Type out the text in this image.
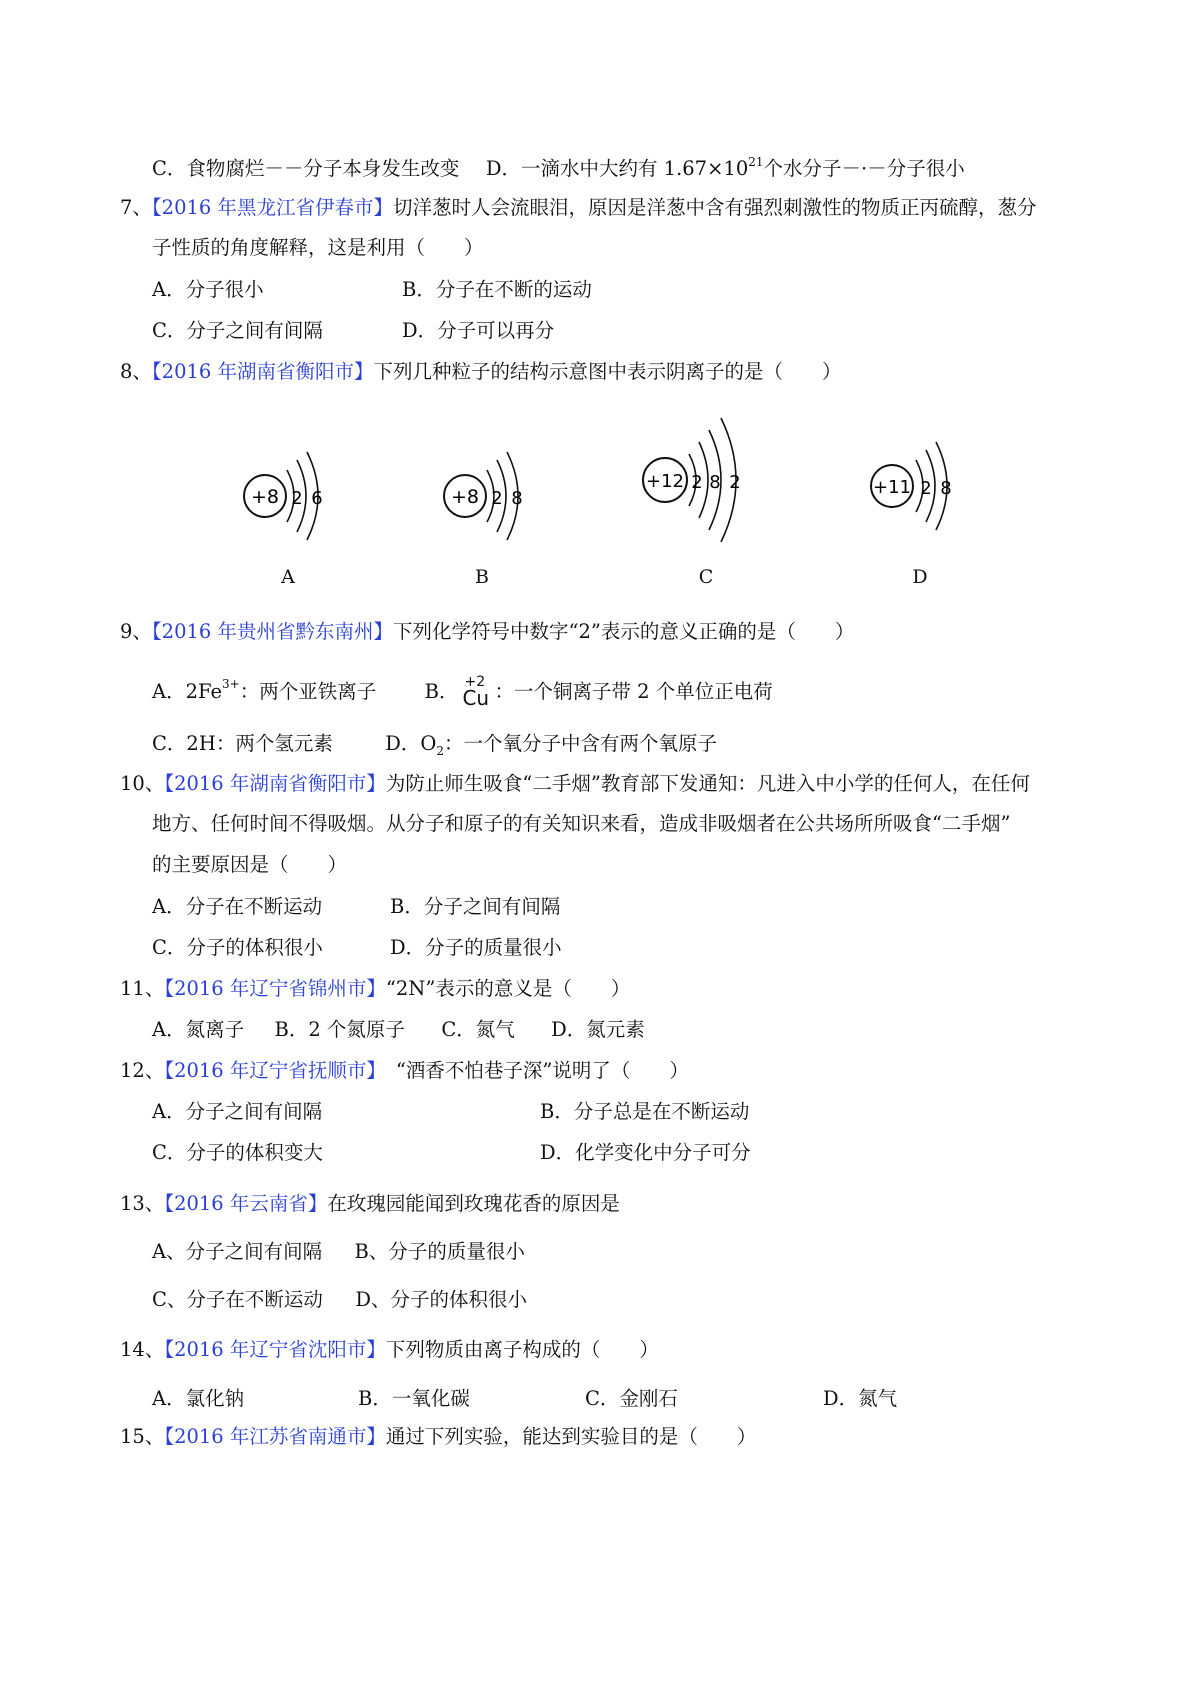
C．食物腐烂－－分子本身发生改变 D．一滴水中大约有 $1.67\times 10^{21}$个水分子－·－分子很小
7、【2016 年黑龙江省伊春市】切洋葱时人会流眼泪，原因是洋葱中含有强烈刺激性的物质正丙硫醇，葱分
子性质的角度解释，这是利用（　　）
A．分子很小	B．分子在不断的运动
C．分子之间有间隔	D．分子可以再分
8、【2016 年湖南省衡阳市】下列几种粒子的结构示意图中表示阴离子的是（　　）
+8 2 6	+8 2 8
+12 2 8 2	+11 2 8
A	B	C	D
9、【2016 年贵州省黔东南州】下列化学符号中数字“2”表示的意义正确的是（　　）
A．$2Fe^{3+}$：两个亚铁离子 B． +2
Cu ：一个铜离子带 2 个单位正电荷
C．2H：两个氢元素	D．$O_2$：一个氧分子中含有两个氧原子
10、【2016 年湖南省衡阳市】为防止师生吸食“二手烟”教育部下发通知：凡进入中小学的任何人，在任何
地方、任何时间不得吸烟。从分子和原子的有关知识来看，造成非吸烟者在公共场所所吸食“二手烟”
的主要原因是（　　）
A．分子在不断运动	B．分子之间有间隔
C．分子的体积很小	D．分子的质量很小
11、【2016 年辽宁省锦州市】“2N”表示的意义是（　　）
A．氮离子 B．2 个氮原子 C．氮气 D．氮元素
12、【2016 年辽宁省抚顺市】 “酒香不怕巷子深”说明了（　　）
A．分子之间有间隔	B．分子总是在不断运动
C．分子的体积变大	D．化学变化中分子可分
13、【2016 年云南省】在玫瑰园能闻到玫瑰花香的原因是
A、分子之间有间隔 B、分子的质量很小
C、分子在不断运动 D、分子的体积很小
14、【2016 年辽宁省沈阳市】下列物质由离子构成的（　　）
A．氯化钠	B．一氧化碳	C．金刚石	D．氮气
15、【2016 年江苏省南通市】通过下列实验，能达到实验目的是（　　）
